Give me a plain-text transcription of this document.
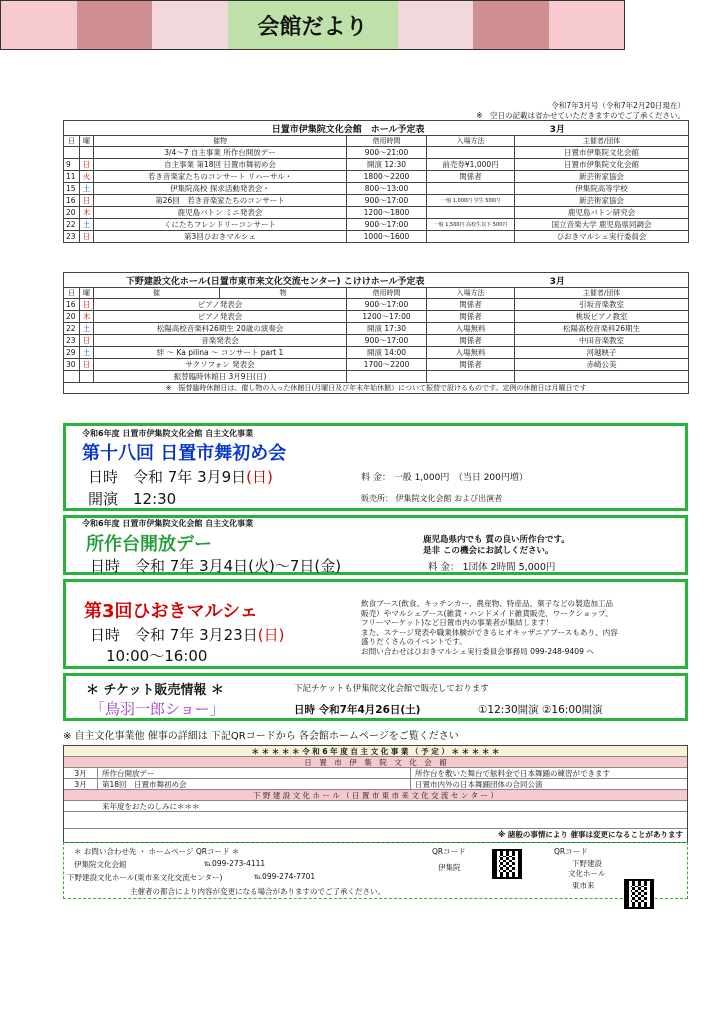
会館だより
令和7年3月号（令和7年2月20日現在）
※　空日の記載は省かせていただきますのでご了承ください。
日置市伊集院文化会館　ホール予定表				3月	
日	曜	催物	借用時間	入場方法	主催者/団体
		3/4〜7 自主事業 所作台開放デー	900〜21:00		日置市伊集院文化会館
9	日	自主事業 第18回 日置市舞初め会	開演 12:30	前売券¥1,000円	日置市伊集院文化会館
11	火	若き音楽家たちのコンサート リハーサル・	1800〜2200	関係者	新芸術家協会
15	土	伊集院高校 探求活動発表会・	800〜13:00		伊集院高等学校
16	日	第26回　若き音楽家たちのコンサート	900〜17:00	一般 1,000円 学生 500円	新芸術家協会
20	木	鹿児島バトン ミニ発表会	1200〜1800		鹿児島バトン研究会
22	土	くにたちフレンドリーコンサート	900〜17:00	一般 1,500円 高校生以下 500円	国立音楽大学 鹿児島県同調会
23	日	第3回ひおきマルシェ	1000〜1600		ひおきマルシェ実行委員会
下野建設文化ホール(日置市東市来文化交流センター) こけけホール予定表					3月	
日	曜	催	物	借用時間	入場方法	主催者/団体
16	日	ピアノ発表会		900〜17:00	関係者	引坂音楽教室
20	木	ピアノ発表会		1200〜17:00	関係者	桃坂ピアノ教室
22	土	松陽高校音楽科26期生 20歳の演奏会		開演 17:30	入場無料	松陽高校音楽科26期生
23	日	音楽発表会		900〜17:00	関係者	中田音楽教室
29	土	絆 〜 Ka pilina 〜 コンサート part 1		開演 14:00	入場無料	河越映子
30	日	サクソフォン 発表会		1700〜2200	関係者	赤崎公美
		振替臨時休館日 3月9日(日)				
※　振替臨時休館日は、催し物の入った休館日(月曜日及び年末年始休館）について振替で設けるものです。定例の休館日は月曜日です						
令和6年度 日置市伊集院文化会館 自主文化事業
第十八回 日置市舞初め会
日時　令和 7年 3月9日(日)
開演　12:30
料 金： 一般 1,000円　（当日 200円増）
販売所： 伊集院文化会館 および出演者
令和6年度 日置市伊集院文化会館 自主文化事業
所作台開放デー
日時　令和 7年 3月4日(火)〜7日(金)
鹿児島県内でも 質の良い所作台です。
是非 この機会にお試しください。
料 金： 1団体 2時間 5,000円
第3回ひおきマルシェ
日時　令和 7年 3月23日(日)
10:00〜16:00
飲食ブース(飲食、キッチンカー、農産物、特産品、菓子などの製造加工品
販売）やマルシェブース(雑貨・ハンドメイド雑貨販売、ワークショップ、
フリーマーケット)など日置市内の事業者が集結します！
また、ステージ発表や職業体験ができるヒオキッザニアブースもあり、内容
盛りだくさんのイベントです。
お問い合わせはひおきマルシェ実行委員会事務局 099-248-9409 へ
＊ チケット販売情報 ＊	下記チケットも伊集院文化会館で販売しております
「鳥羽一郎ショー」	日時 令和7年4月26日(土)	①12:30開演 ②16:00開演
※ 自主文化事業他 催事の詳細は 下記QRコードから 各会館ホームページをご覧ください
＊ ＊ ＊ ＊ ＊ 令 和 6 年 度 自 主 文 化 事 業 （ 予 定 ） ＊ ＊ ＊ ＊ ＊
日　置　市　伊　集　院　文　化　会　館
3月	所作台開放デー	所作台を敷いた舞台で舷料金で日本舞踊の練習ができます
3月	第18回　日置市舞初め会	日置市内外の日本舞踊団体の合同公演
下 野 建 設 文 化 ホ ー ル （ 日 置 市 東 市 来 文 化 交 流 セ ン タ ー ）
来年度をおたのしみに＊＊＊
※ 諸般の事情により 催事は変更になることがあります
＊ お問い合わせ先 ・ ホームページ QRコード ＊
伊集院文化会館	℡099-273-4111
下野建設文化ホール(東市来文化交流センター)	℡099-274-7701
主催者の都合により内容が変更になる場合がありますのでご了承ください。
QRコード
伊集院
QRコード
下野建設
文化ホール
東市来
